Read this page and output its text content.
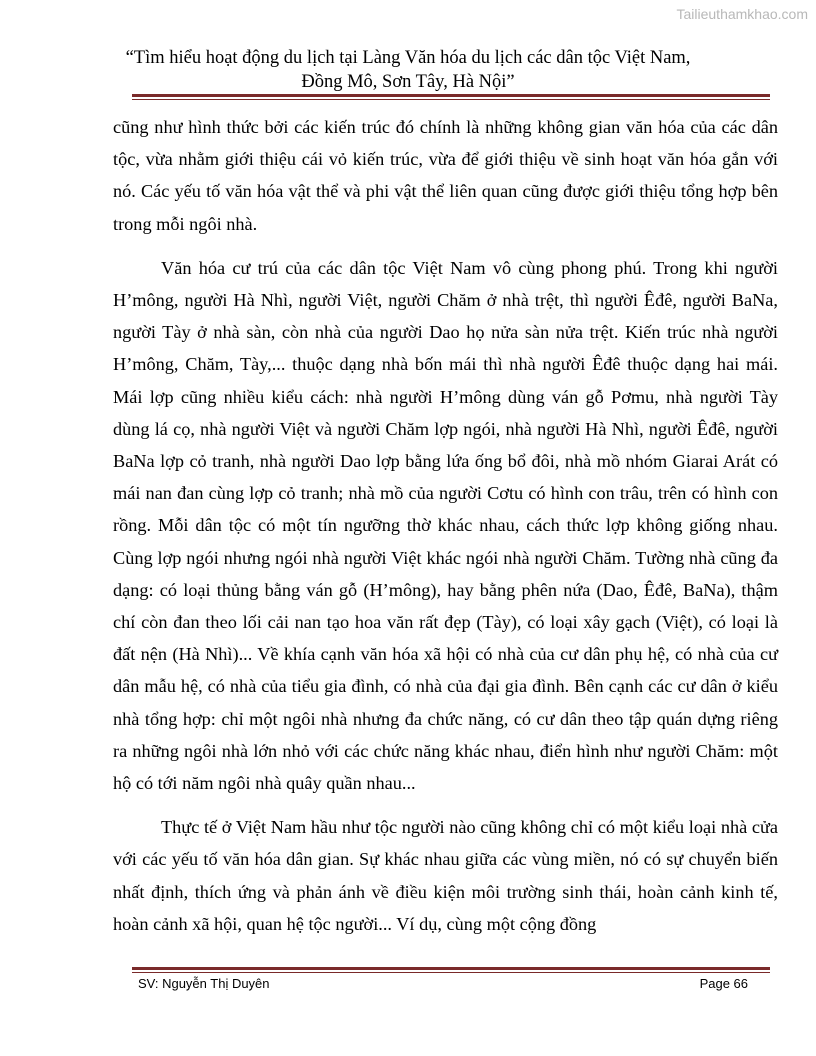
Tailieuthamkhao.com
“Tìm hiểu hoạt động du lịch tại Làng Văn hóa du lịch các dân tộc Việt Nam,
Đồng Mô, Sơn Tây, Hà Nội”

cũng như hình thức bởi các kiến trúc đó chính là những không gian văn hóa của các dân tộc, vừa nhằm giới thiệu cái vỏ kiến trúc, vừa để giới thiệu về sinh hoạt văn hóa gắn với nó. Các yếu tố văn hóa vật thể và phi vật thể liên quan cũng được giới thiệu tổng hợp bên trong mỗi ngôi nhà.

Văn hóa cư trú của các dân tộc Việt Nam vô cùng phong phú. Trong khi người H’mông, người Hà Nhì, người Việt, người Chăm ở nhà trệt, thì người Êđê, người BaNa, người Tày ở nhà sàn, còn nhà của người Dao họ nửa sàn nửa trệt. Kiến trúc nhà người H’mông, Chăm, Tày,... thuộc dạng nhà bốn mái thì nhà người Êđê thuộc dạng hai mái. Mái lợp cũng nhiều kiểu cách: nhà người H’mông dùng ván gỗ Pơmu, nhà người Tày dùng lá cọ, nhà người Việt và người Chăm lợp ngói, nhà người Hà Nhì, người Êđê, người BaNa lợp cỏ tranh, nhà người Dao lợp bằng lứa ống bổ đôi, nhà mồ nhóm Giarai Arát có mái nan đan cùng lợp cỏ tranh; nhà mồ của người Cơtu có hình con trâu, trên có hình con rồng. Mỗi dân tộc có một tín ngưỡng thờ khác nhau, cách thức lợp không giống nhau. Cùng lợp ngói nhưng ngói nhà người Việt khác ngói nhà người Chăm. Tường nhà cũng đa dạng: có loại thủng bằng ván gỗ (H’mông), hay bằng phên nứa (Dao, Êđê, BaNa), thậm chí còn đan theo lối cải nan tạo hoa văn rất đẹp (Tày), có loại xây gạch (Việt), có loại là đất nện (Hà Nhì)... Về khía cạnh văn hóa xã hội có nhà của cư dân phụ hệ, có nhà của cư dân mẫu hệ, có nhà của tiểu gia đình, có nhà của đại gia đình. Bên cạnh các cư dân ở kiểu nhà tổng hợp: chỉ một ngôi nhà nhưng đa chức năng, có cư dân theo tập quán dựng riêng ra những ngôi nhà lớn nhỏ với các chức năng khác nhau, điển hình như người Chăm: một hộ có tới năm ngôi nhà quây quần nhau...

Thực tế ở Việt Nam hầu như tộc người nào cũng không chỉ có một kiểu loại nhà cửa với các yếu tố văn hóa dân gian. Sự khác nhau giữa các vùng miền, nó có sự chuyển biến nhất định, thích ứng và phản ánh về điều kiện môi trường sinh thái, hoàn cảnh kinh tế, hoàn cảnh xã hội, quan hệ tộc người... Ví dụ, cùng một cộng đồng

SV: Nguyễn Thị Duyên	Page 66
